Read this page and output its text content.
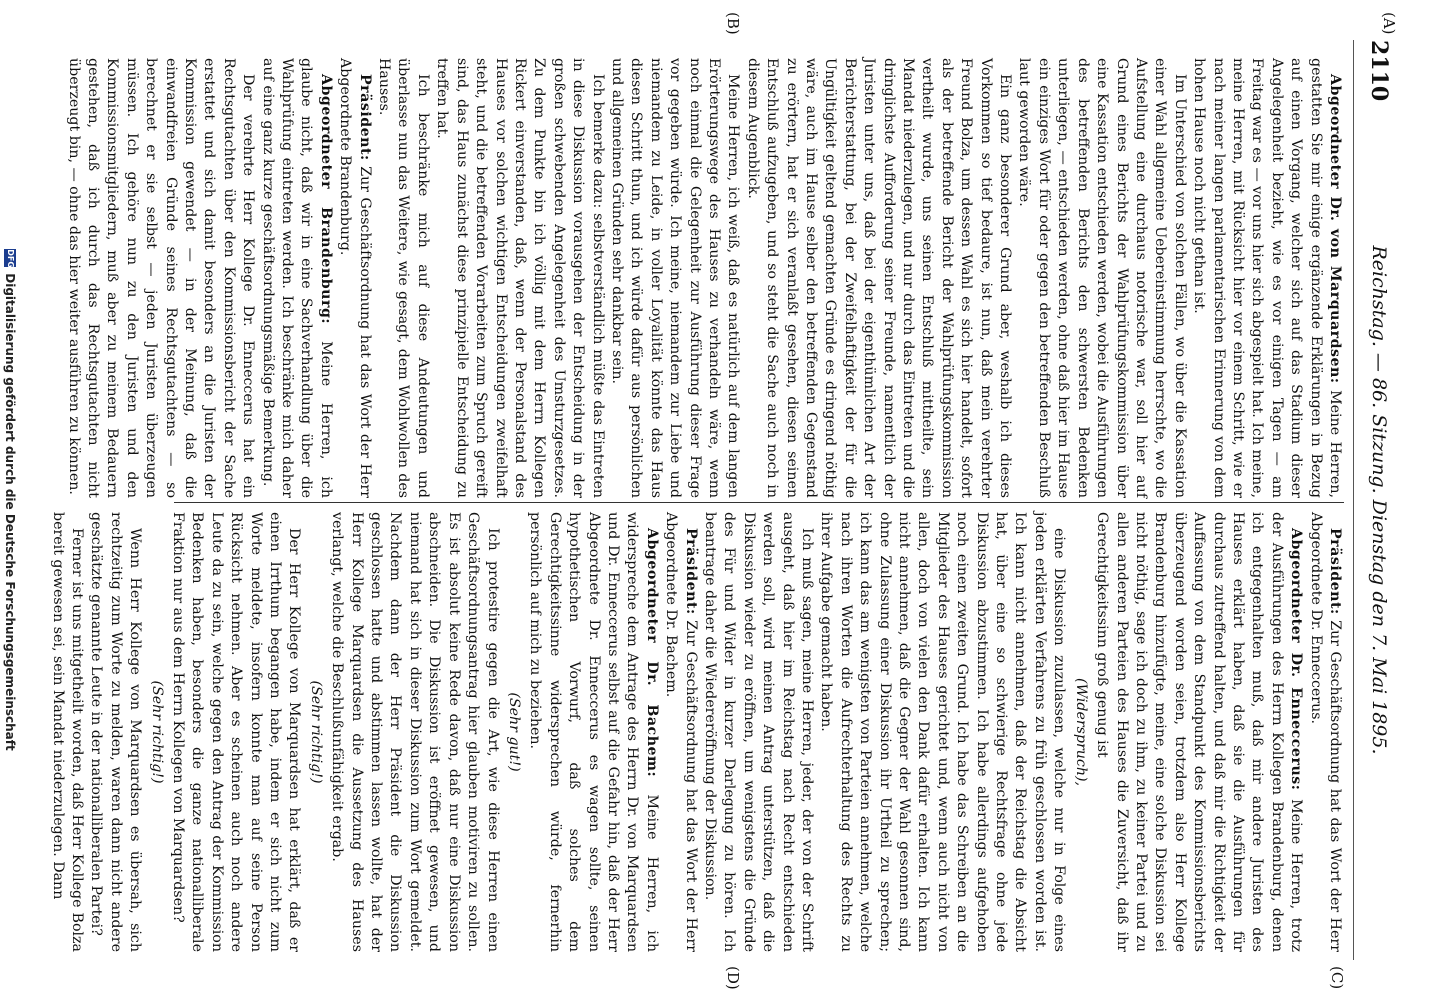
2110
Reichstag. — 86. Sitzung. Dienstag den 7. Mai 1895.
(A)
(B)
(C)
(D)

Abgeordneter Dr. von Marquardsen: Meine Herren, gestatten Sie mir einige ergänzende Erklärungen in Bezug auf einen Vorgang, welcher sich auf das Stadium dieser Angelegenheit bezieht, wie es vor einigen Tagen — am Freitag war es — vor uns hier sich abgespielt hat. Ich meine, meine Herren, mit Rücksicht hier vor einem Schritt, wie er nach meiner langen parlamentarischen Erinnerung von dem hohen Hause noch nicht gethan ist.

Im Unterschied von solchen Fällen, wo über die Kassation einer Wahl allgemeine Uebereinstimmung herrschte, wo die Aufstellung eine durchaus notorische war, soll hier auf Grund eines Berichts der Wahlprüfungskommission über eine Kassation entschieden werden, wobei die Ausführungen des betreffenden Berichts den schwersten Bedenken unterliegen, — entschieden werden, ohne daß hier im Hause ein einziges Wort für oder gegen den betreffenden Beschluß laut geworden wäre.

Ein ganz besonderer Grund aber, weshalb ich dieses Vorkommen so tief bedaure, ist nun, daß mein verehrter Freund Bolza, um dessen Wahl es sich hier handelt, sofort als der betreffende Bericht der Wahlprüfungskommission vertheilt wurde, uns seinen Entschluß mittheilte, sein Mandat niederzulegen, und nur durch das Eintreten und die dringlichste Aufforderung seiner Freunde, namentlich der Juristen unter uns, daß bei der eigenthümlichen Art der Berichterstattung, bei der Zweifelhaftigkeit der für die Ungültigkeit geltend gemachten Gründe es dringend nöthig wäre, auch im Hause selber den betreffenden Gegenstand zu erörtern, hat er sich veranlaßt gesehen, diesen seinen Entschluß aufzugeben, und so steht die Sache auch noch in diesem Augenblick.

Meine Herren, ich weiß, daß es natürlich auf dem langen Erörterungswege des Hauses zu verhandeln wäre, wenn noch einmal die Gelegenheit zur Ausführung dieser Frage vor gegeben würde. Ich meine, niemandem zur Liebe und niemandem zu Leide, in voller Loyalität könnte das Haus diesen Schritt thun, und ich würde dafür aus persönlichen und allgemeinen Gründen sehr dankbar sein.

Ich bemerke dazu: selbstverständlich müßte das Eintreten in diese Diskussion vorausgehen der Entscheidung in der großen schwebenden Angelegenheit des Umsturzgesetzes. Zu dem Punkte bin ich völlig mit dem Herrn Kollegen Rickert einverstanden, daß, wenn der Personalstand des Hauses vor solchen wichtigen Entscheidungen zweifelhaft steht, und die betreffenden Vorarbeiten zum Spruch gereift sind, das Haus zunächst diese prinzipielle Entscheidung zu treffen hat.

Ich beschränke mich auf diese Andeutungen und überlasse nun das Weitere, wie gesagt, dem Wohlwollen des Hauses.

Präsident: Zur Geschäftsordnung hat das Wort der Herr Abgeordnete Brandenburg.

Abgeordneter Brandenburg: Meine Herren, ich glaube nicht, daß wir in eine Sachverhandlung über die Wahlprüfung eintreten werden. Ich beschränke mich daher auf eine ganz kurze geschäftsordnungsmäßige Bemerkung.

Der verehrte Herr Kollege Dr. Enneccerus hat ein Rechtsgutachten über den Kommissionsbericht der Sache erstattet und sich damit besonders an die Juristen der Kommission gewendet — in der Meinung, daß die einwandfreien Gründe seines Rechtsgutachtens — so berechnet er sie selbst — jeden Juristen überzeugen müssen. Ich gehöre nun zu den Juristen und den Kommissionsmitgliedern, muß aber zu meinem Bedauern gestehen, daß ich durch das Rechtsgutachten nicht überzeugt bin, — ohne das hier weiter ausführen zu können.

Präsident: Zur Geschäftsordnung hat das Wort der Herr Abgeordnete Dr. Enneccerus.

Abgeordneter Dr. Enneccerus: Meine Herren, trotz der Ausführungen des Herrn Kollegen Brandenburg, denen ich entgegenhalten muß, daß mir andere Juristen des Hauses erklärt haben, daß sie die Ausführungen für durchaus zutreffend halten, und daß mir die Richtigkeit der Auffassung von dem Standpunkt des Kommissionsberichts überzeugend worden seien, trotzdem also Herr Kollege Brandenburg hinzufügte, meine, eine solche Diskussion sei nicht nöthig, sage ich doch zu ihm, zu keiner Partei und zu allen anderen Parteien des Hauses die Zuversicht, daß ihr Gerechtigkeitssinn groß genug ist

(Widerspruch),

eine Diskussion zuzulassen, welche nur in Folge eines jeden erklärten Verfahrens zu früh geschlossen worden ist. Ich kann nicht annehmen, daß der Reichstag die Absicht hat, über eine so schwierige Rechtsfrage ohne jede Diskussion abzustimmen. Ich habe allerdings aufgehoben noch einen zweiten Grund. Ich habe das Schreiben an die Mitglieder des Hauses gerichtet und, wenn auch nicht von allen, doch von vielen den Dank dafür erhalten. Ich kann nicht annehmen, daß die Gegner der Wahl gesonnen sind, ohne Zulassung einer Diskussion ihr Urtheil zu sprechen; ich kann das am wenigsten von Parteien annehmen, welche nach ihren Worten die Aufrechterhaltung des Rechts zu ihrer Aufgabe gemacht haben.

Ich muß sagen, meine Herren, jeder, der von der Schrift ausgeht, daß hier im Reichstag nach Recht entschieden werden soll, wird meinen Antrag unterstützen, daß die Diskussion wieder zu eröffnen, um wenigstens die Gründe des Für und Wider in kurzer Darlegung zu hören. Ich beantrage daher die Wiedereröffnung der Diskussion.

Präsident: Zur Geschäftsordnung hat das Wort der Herr Abgeordnete Dr. Bachem.

Abgeordneter Dr. Bachem: Meine Herren, ich widerspreche dem Antrage des Herrn Dr. von Marquardsen und Dr. Enneccerus selbst auf die Gefahr hin, daß der Herr Abgeordnete Dr. Enneccerus es wagen sollte, seinen hypothetischen Vorwurf, daß solches dem Gerechtigkeitssinne widersprechen würde, fernerhin persönlich auf mich zu beziehen.

(Sehr gut!)

Ich protestire gegen die Art, wie diese Herren einen Geschäftsordnungsantrag hier glauben motiviren zu sollen. Es ist absolut keine Rede davon, daß nur eine Diskussion abschneiden. Die Diskussion ist eröffnet gewesen, und niemand hat sich in dieser Diskussion zum Wort gemeldet. Nachdem dann der Herr Präsident die Diskussion geschlossen hatte und abstimmen lassen wollte, hat der Herr Kollege Marquardsen die Aussetzung des Hauses verlangt, welche die Beschlußunfähigkeit ergab.

(Sehr richtig!)

Der Herr Kollege von Marquardsen hat erklärt, daß er einen Irrthum begangen habe, indem er sich nicht zum Worte meldete, insofern konnte man auf seine Person Rücksicht nehmen. Aber es scheinen auch noch andere Leute da zu sein, welche gegen den Antrag der Kommission Bedenken haben, besonders die ganze nationalliberale Fraktion nur aus dem Herrn Kollegen von Marquardsen?

(Sehr richtig!)

Wenn Herr Kollege von Marquardsen es übersah, sich rechtzeitig zum Worte zu melden, waren dann nicht andere geschätzte genannte Leute in der nationalliberalen Partei?

Ferner ist uns mitgetheilt worden, daß Herr Kollege Bolza bereit gewesen sei, sein Mandat niederzulegen. Dann

DFG
Digitalisierung gefördert durch die Deutsche Forschungsgemeinschaft
